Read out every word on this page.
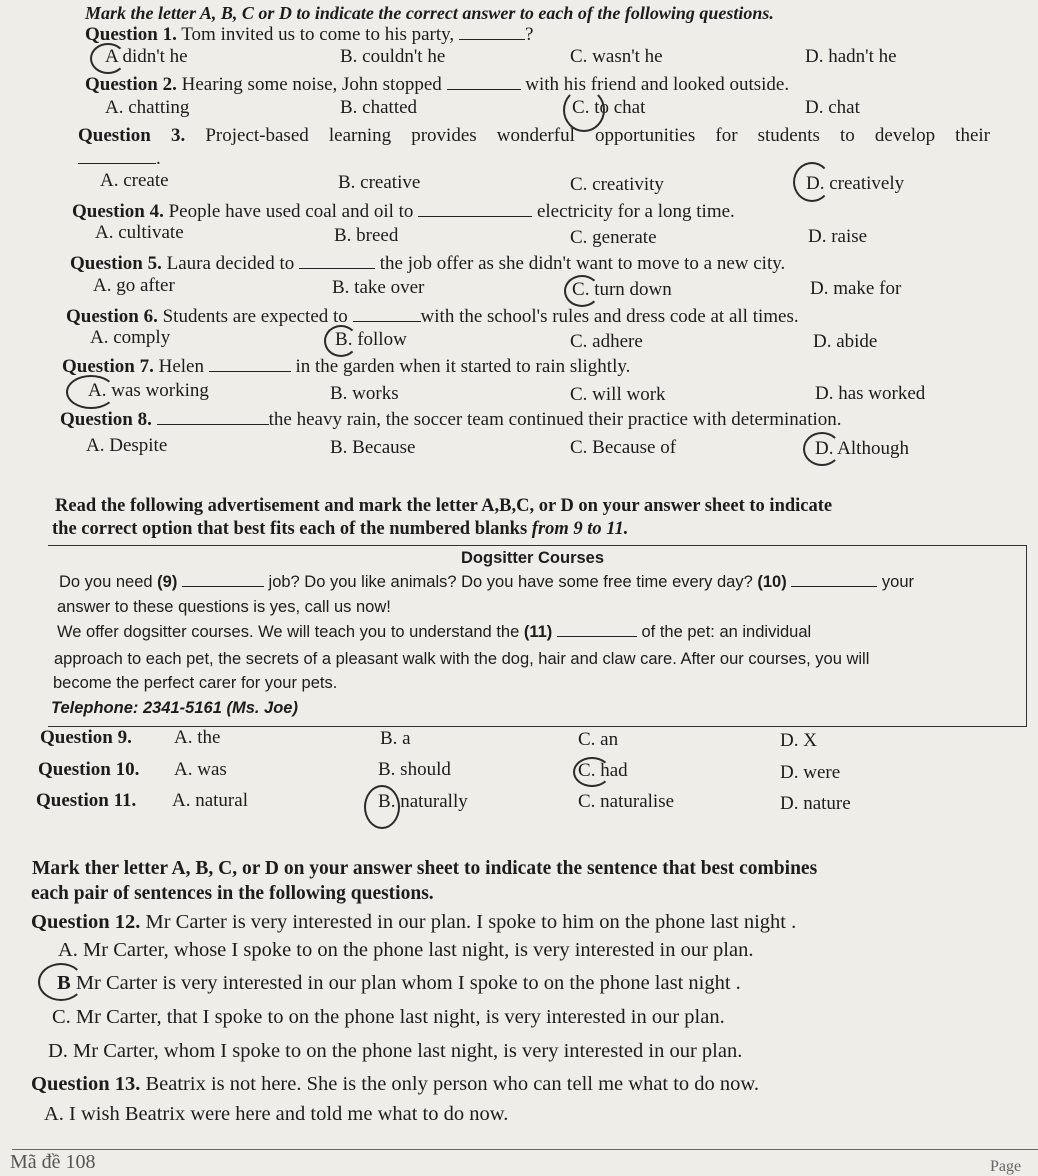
Mark the letter A, B, C or D to indicate the correct answer to each of the following questions.
Question 1. Tom invited us to come to his party,	?
A didn't he	B. couldn't he	C. wasn't he	D. hadn't he
Question 2. Hearing some noise, John stopped	with his friend and looked outside.
A. chatting	B. chatted	C. to chat	D. chat
Question 3. Project-based learning provides wonderful opportunities for students to develop their
.
A. create	B. creative	C. creativity	D. creatively
Question 4. People have used coal and oil to	electricity for a long time.
A. cultivate	B. breed	C. generate	D. raise
Question 5. Laura decided to	the job offer as she didn't want to move to a new city.
A. go after	B. take over	C. turn down	D. make for
Question 6. Students are expected to	with the school's rules and dress code at all times.
A. comply	B. follow	C. adhere	D. abide
Question 7. Helen	in the garden when it started to rain slightly.
A. was working	B. works	C. will work	D. has worked
Question 8.	the heavy rain, the soccer team continued their practice with determination.
A. Despite	B. Because	C. Because of	D. Although
Read the following advertisement and mark the letter A,B,C, or D on your answer sheet to indicate
the correct option that best fits each of the numbered blanks from 9 to 11.
Dogsitter Courses
Do you need (9)	job? Do you like animals? Do you have some free time every day? (10)	your
answer to these questions is yes, call us now!
We offer dogsitter courses. We will teach you to understand the (11)	of the pet: an individual
approach to each pet, the secrets of a pleasant walk with the dog, hair and claw care. After our courses, you will
become the perfect carer for your pets.
Telephone: 2341-5161 (Ms. Joe)
Question 9. A. the	B. a	C. an	D. X
Question 10. A. was	B. should	C. had	D. were
Question 11. A. natural	B. naturally	C. naturalise	D. nature
Mark ther letter A, B, C, or D on your answer sheet to indicate the sentence that best combines
each pair of sentences in the following questions.
Question 12. Mr Carter is very interested in our plan. I spoke to him on the phone last night .
A. Mr Carter, whose I spoke to on the phone last night, is very interested in our plan.
B Mr Carter is very interested in our plan whom I spoke to on the phone last night .
C. Mr Carter, that I spoke to on the phone last night, is very interested in our plan.
D. Mr Carter, whom I spoke to on the phone last night, is very interested in our plan.
Question 13. Beatrix is not here. She is the only person who can tell me what to do now.
A. I wish Beatrix were here and told me what to do now.
Mã đề 108	Page
